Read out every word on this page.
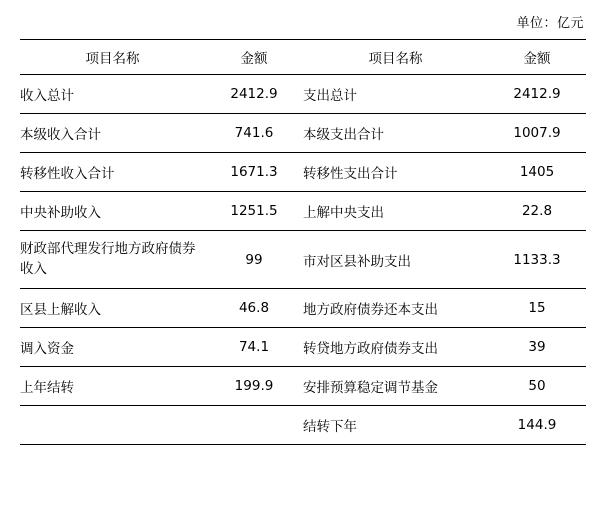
单位：亿元
项目名称	金额	项目名称	金额
收入总计	2412.9	支出总计	2412.9
本级收入合计	741.6	本级支出合计	1007.9
转移性收入合计	1671.3	转移性支出合计	1405
中央补助收入	1251.5	上解中央支出	22.8
财政部代理发行地方政府债券收入	99	市对区县补助支出	1133.3
区县上解收入	46.8	地方政府债券还本支出	15
调入资金	74.1	转贷地方政府债券支出	39
上年结转	199.9	安排预算稳定调节基金	50
		结转下年	144.9
